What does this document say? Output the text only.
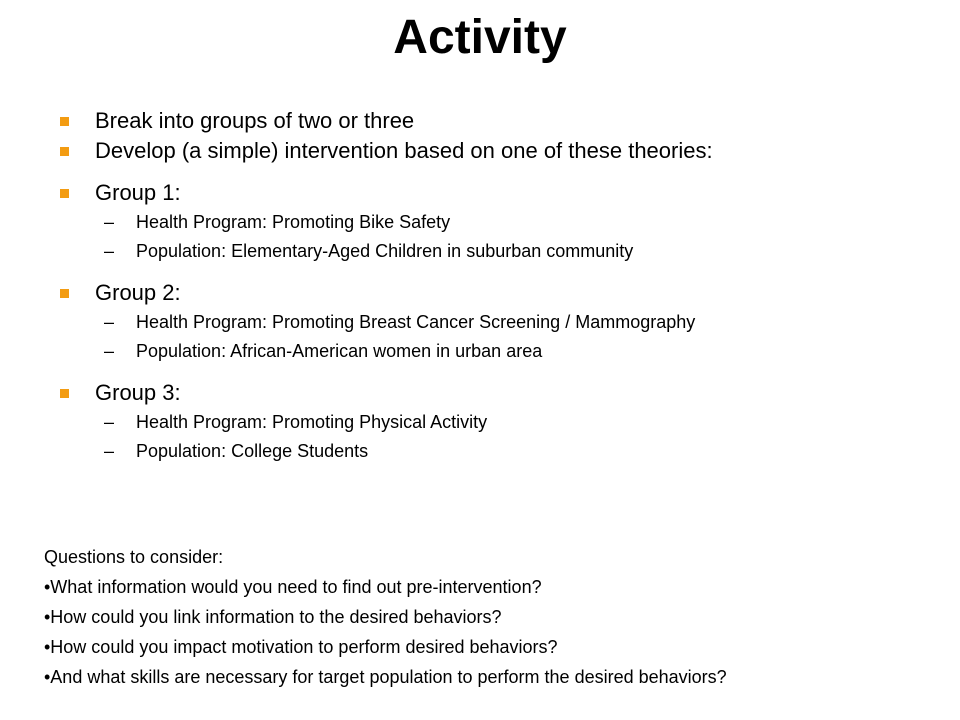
Activity
Break into groups of two or three
Develop (a simple) intervention based on one of these theories:
Group 1:
– Health Program: Promoting Bike Safety
– Population: Elementary-Aged Children in suburban community
Group 2:
– Health Program: Promoting Breast Cancer Screening / Mammography
– Population: African-American women in urban area
Group 3:
– Health Program: Promoting Physical Activity
– Population: College Students
Questions to consider:
•What information would you need to find out pre-intervention?
•How could you link information to the desired behaviors?
•How could you impact motivation to perform desired behaviors?
•And what skills are necessary for target population to perform the desired behaviors?
